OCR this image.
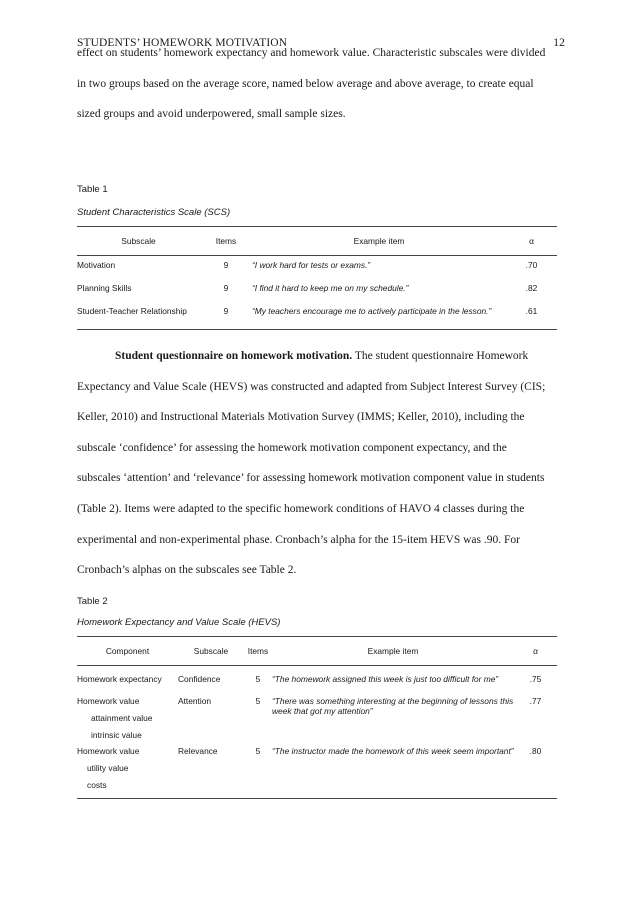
STUDENTS’ HOMEWORK MOTIVATION	12
effect on students’ homework expectancy and homework value. Characteristic subscales were divided
in two groups based on the average score, named below average and above average, to create equal
sized groups and avoid underpowered, small sample sizes.
Table 1
Student Characteristics Scale (SCS)
Subscale	Items	Example item	α
Motivation	9	“I work hard for tests or exams.”	.70
Planning Skills	9	“I find it hard to keep me on my schedule.”	.82
Student-Teacher Relationship	9	“My teachers encourage me to actively participate in the lesson.”	.61
Student questionnaire on homework motivation. The student questionnaire Homework
Expectancy and Value Scale (HEVS) was constructed and adapted from Subject Interest Survey (CIS;
Keller, 2010) and Instructional Materials Motivation Survey (IMMS; Keller, 2010), including the
subscale ‘confidence’ for assessing the homework motivation component expectancy, and the
subscales ‘attention’ and ‘relevance’ for assessing homework motivation component value in students
(Table 2). Items were adapted to the specific homework conditions of HAVO 4 classes during the
experimental and non-experimental phase. Cronbach’s alpha for the 15-item HEVS was .90. For
Cronbach’s alphas on the subscales see Table 2.
Table 2
Homework Expectancy and Value Scale (HEVS)
Component	Subscale	Items	Example item	α
Homework expectancy	Confidence	5	“The homework assigned this week is just too difficult for me”	.75
Homework value
attainment value
intrinsic value	Attention	5	“There was something interesting at the beginning of lessons this week that got my attention”	.77
Homework value
utility value
costs	Relevance	5	“The instructor made the homework of this week seem important”	.80
